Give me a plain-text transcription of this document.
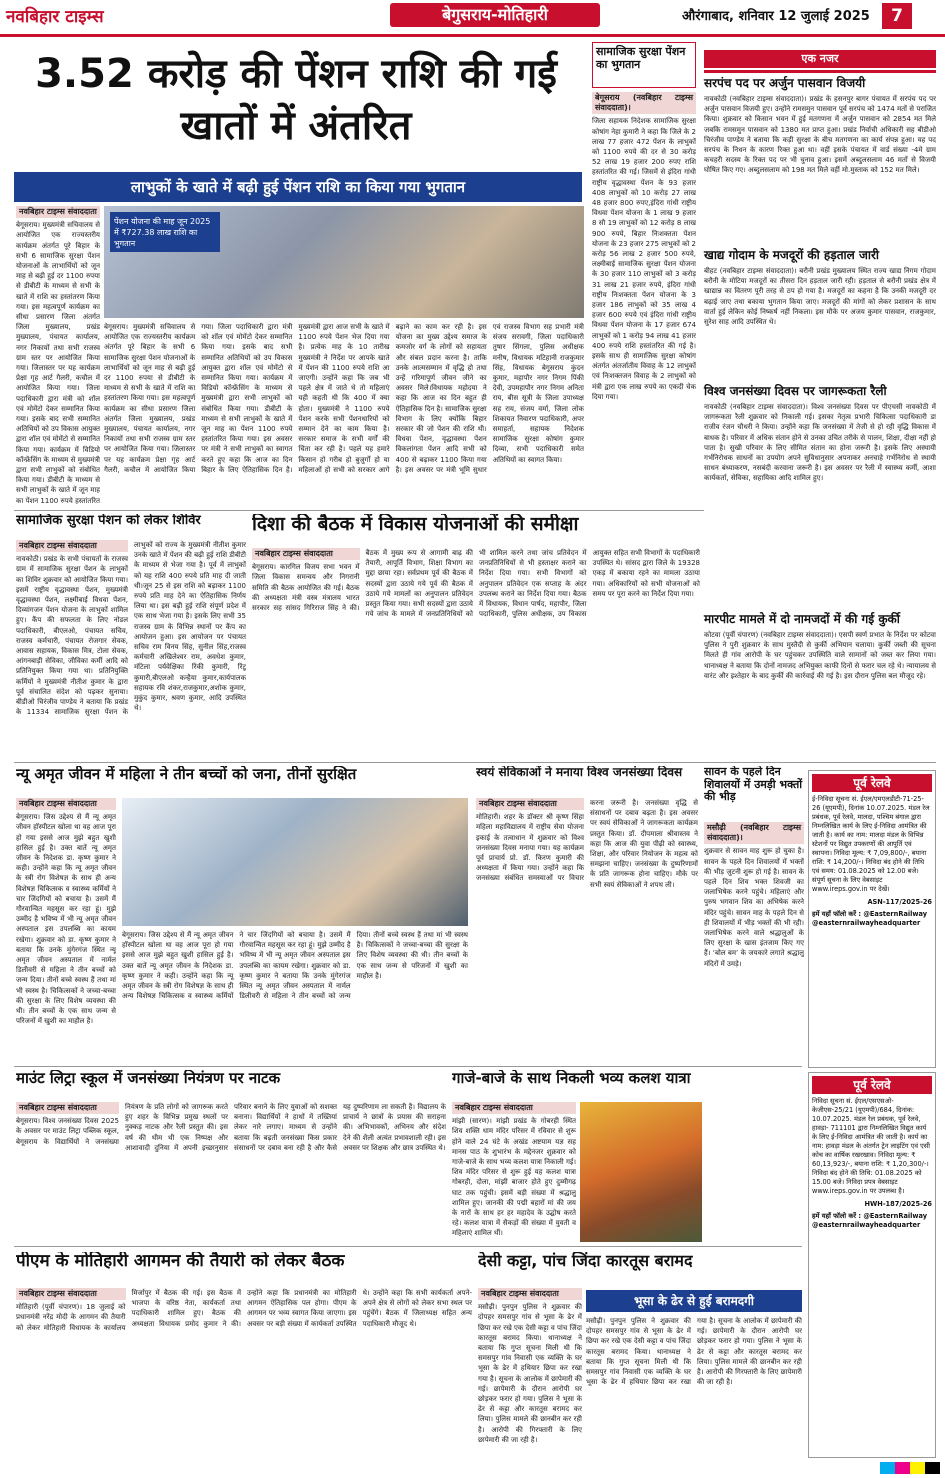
नवबिहार टाइम्स	बेगुसराय-मोतिहारी	औरंगाबाद, शनिवार 12 जुलाई 2025	7
3.52 करोड़ की पेंशन राशि की गई खातों में अंतरित
लाभुकों के खाते में बढ़ी हुई पेंशन राशि का किया गया भुगतान
पेंशन योजना की माह जून 2025 में ₹727.38 लाख राशि का भुगतान
नवबिहार टाइम्स संवाददाता
बेगूसराय। मुख्यमंत्री सचिवालय से आयोजित एक राज्यस्तरीय कार्यक्रम अंतर्गत पूरे बिहार के सभी 6 सामाजिक सुरक्षा पेंशन योजनाओं के लाभार्थियों को जून माह से बढ़ी हुई दर 1100 रुपया से डीबीटी के माध्यम से सभी के खाते में राशि का हस्तांतरण किया गया। इस महत्वपूर्ण कार्यक्रम का सीधा प्रसारण जिला अंतर्गत जिला मुख्यालय, प्रखंड मुख्यालय, पंचायत कार्यालय, नगर निकायों तथा सभी राजस्व ग्राम स्तर पर आयोजित किया गया। जिलास्तर पर यह कार्यक्रम प्रेक्षा गृह आर्ट गैलरी, कचौल में आयोजित किया गया। जिला पदाधिकारी द्वारा मंत्री को शॉल एवं मोमेंटो देकर सम्मानित किया गया। इसके बाद सभी सम्मानित अतिथियों को उप विकास आयुक्त द्वारा शॉल एवं मोमेंटो से सम्मानित किया गया। कार्यक्रम में विडियो कॉन्फ्रेंसिंग के माध्यम से मुख्यमंत्री द्वारा सभी लाभुकों को संबोधित किया गया। डीबीटी के माध्यम से सभी लाभुकों के खाते में जून माह का पेंशन 1100 रुपये हस्तांतरित
बेगूसराय। मुख्यमंत्री सचिवालय से आयोजित एक राज्यस्तरीय कार्यक्रम अंतर्गत पूरे बिहार के सभी 6 सामाजिक सुरक्षा पेंशन योजनाओं के लाभार्थियों को जून माह से बढ़ी हुई दर 1100 रुपया से डीबीटी के माध्यम से सभी के खाते में राशि का हस्तांतरण किया गया। इस महत्वपूर्ण कार्यक्रम का सीधा प्रसारण जिला अंतर्गत जिला मुख्यालय, प्रखंड मुख्यालय, पंचायत कार्यालय, नगर निकायों तथा सभी राजस्व ग्राम स्तर पर आयोजित किया गया। जिलास्तर पर यह कार्यक्रम प्रेक्षा गृह आर्ट गैलरी, कचौल में आयोजित किया गया। जिला पदाधिकारी द्वारा मंत्री को शॉल एवं मोमेंटो देकर सम्मानित किया गया। इसके बाद सभी सम्मानित अतिथियों को उप विकास आयुक्त द्वारा शॉल एवं मोमेंटो से सम्मानित किया गया। कार्यक्रम में विडियो कॉन्फ्रेंसिंग के माध्यम से मुख्यमंत्री द्वारा सभी लाभुकों को संबोधित किया गया। डीबीटी के माध्यम से सभी लाभुकों के खाते में जून माह का पेंशन 1100 रुपये हस्तांतरित किया गया। इस अवसर पर मंत्री ने सभी लाभुकों का स्वागत करते हुए कहा कि आज का दिन बिहार के लिए ऐतिहासिक दिन है। मुख्यमंत्री द्वारा आज सभी के खाते में 1100 रुपये पेंशन भेज दिया गया है। प्रत्येक माह के 10 तारीख मुख्यमंत्री ने निर्देश पर आपके खाते में पेंशन की 1100 रुपये राशि आ जाएगी। उन्होंने कहा कि जब भी पहले क्षेत्र में जाते थे तो महिलाएं यही कहती थी कि 400 में क्या होता। मुख्यमंत्री ने 1100 रुपये पेंशन करके सभी पेंशनधारियों को सम्मान देने का काम किया है। सरकार समाज के सभी वर्गों की चिंता कर रही है। पहले यह हमारे किसान हो गरीब हो बुजुर्गों हो या महिलाओं हो सभी को सरकार आगे बढ़ाने का काम कर रही है। इस योजना का मुख्य उद्देश्य समाज के कमजोर वर्ग के लोगों को सहायता और संबल प्रदान करना है। ताकि उनके आत्मसम्मान में वृद्धि हो तथा उन्हें गरिमापूर्ण जीवन जीने का अवसर मिले।विधायक महोदया ने कहा कि आज का दिन बहुत ही ऐतिहासिक दिन है। सामाजिक सुरक्षा विभाग के लिए क्योंकि बिहार सरकार की जो पेंशन की राशि थी। विधवा पेंशन, वृद्धावस्था पेंशन विकलांगता पेंशन आदि सभी को 400 से बढ़ाकर 1100 किया गया है। इस अवसर पर मंत्री भूमि सुधार एवं राजस्व विभाग सह प्रभारी मंत्री संजय सरावगी, जिला पदाधिकारी तुषार सिंगला, पुलिस अधीक्षक मनीष, विधायक मटिहानी राजकुमार सिंह, विधायक बेगूसराय कुंदन कुमार, महापौर नगर निगम पिंकी देवी, उपमहापौर नगर निगम अनिता राय, बीस सूत्री के जिला उपाध्यक्ष सह राय, संजय वर्मा, जिला लोक शिकायत निवारण पदाधिकारी, अपर समाहर्ता, सहायक निदेशक सामाजिक सुरक्षा कोषांग कुमार दिव्या, सभी पदाधिकारी समेत अतिथियों का स्वागत किया।
सामाजिक सुरक्षा पेंशन का भुगतान
बेगूसराय (नवबिहार टाइम्स संवाददाता)।
जिला सहायक निदेशक सामाजिक सुरक्षा कोषांग नेहा कुमारी ने कहा कि जिले के 2 लाख 77 हजार 472 पेंशन के लाभुकों को 1100 रुपये की दर से 30 करोड़ 52 लाख 19 हजार 200 रुपए राशि हस्तांतरित की गई। जिसमें से इंदिरा गांधी राष्ट्रीय वृद्धावस्था पेंशन के 93 हजार 408 लाभुकों को 10 करोड़ 27 लाख 48 हजार 800 रुपए,इंदिरा गांधी राष्ट्रीय विधवा पेंशन योजना के 1 लाख 9 हजार 8 सौ 19 लाभुकों को 12 करोड़ 8 लाख 900 रुपये, बिहार निःशक्तता पेंशन योजना के 23 हजार 275 लाभुकों को 2 करोड़ 56 लाख 2 हजार 500 रुपये, लक्ष्मीबाई सामाजिक सुरक्षा पेंशन योजना के 30 हजार 110 लाभुकों को 3 करोड़ 31 लाख 21 हजार रुपये, इंदिरा गांधी राष्ट्रीय निःशक्तता पेंशन योजना के 3 हजार 186 लाभुकों को 35 लाख 4 हजार 600 रुपये एवं इंदिरा गांधी राष्ट्रीय विधवा पेंशन योजना के 17 हजार 674 लाभुकों को 1 करोड़ 94 लाख 41 हजार 400 रुपये राशि हस्तांतरित की गई है। इसके साथ ही सामाजिक सुरक्षा कोषांग अंतर्गत अंतर्जातीय विवाह के 12 लाभुकों एवं निःशक्तजन विवाह के 2 लाभुकों को मंत्री द्वारा एक लाख रुपये का एकदी चेक दिया गया।
सामाजिक सुरक्षा पेंशन को लेकर शिविर
नवबिहार टाइम्स संवाददाता
नावकोठी। प्रखंड के सभी पंचायतों के राजस्व ग्राम में सामाजिक सुरक्षा पेंशन के लाभुकों का शिविर शुक्रवार को आयोजित किया गया। इसमें राष्ट्रीय वृद्धावस्था पेंशन, मुख्यमंत्री वृद्धावस्था पेंशन, लक्ष्मीबाई विधवा पेंशन, दिव्यांगजन पेंशन योजना के लाभुकों शामिल हुए। कैंप की सफलता के लिए नोडल पदाधिकारी, बीएलओ, पंचायत सचिव, राजस्व कर्मचारी, पंचायत रोजगार सेवक, आवास सहायक, विकास मित्र, टोला सेवक, आंगनबाड़ी सेविका, जीविका कर्मी आदि को प्रतिनियुक्त किया गया था। प्रतिनियुक्ति कर्मियों ने मुख्यमंत्री नीतीश कुमार के द्वारा पूर्व संचालित संदेश को पढ़कर सुनाया। बीडीओ चिरंजीव पाण्डेय ने बताया कि प्रखंड के 11334 सामाजिक सुरक्षा पेंशन के लाभुकों को राज्य के मुख्यमंत्री नीतीश कुमार उनके खाते में पेंशन की बढ़ी हुई राशि डीबीटी के माध्यम से भेजा गया है। पूर्व में लाभुकों को यह राशि 400 रुपये प्रति माह दी जाती थी।जून 25 से इस राशि को बढ़ाकर 1100 रुपये प्रति माह देने का ऐतिहासिक निर्णय लिया था। इस बढ़ी हुई राशि संपूर्ण प्रदेश में एक साथ भेजा गया है। इसके लिए सभी 35 राजस्व ग्राम के विभिन्न स्थानों पर कैंप का आयोजन हुआ। इस आयोजन पर पंचायत सचिव राम विनय सिंह, सुनील सिंह,राजस्व कर्मचारी अखिलेश्वर राम, अवधेश कुमार, मंटिला पर्यवेक्षिका रिंकी कुमारी, रिंटू कुमारी,बीएलओ कन्हैया कुमार,कार्यपालक सहायक रवि शंकर,राजकुमार,अशोक कुमार, मुकुंद कुमार, श्रवण कुमार, आदि उपस्थित थे।
दिशा की बैठक में विकास योजनाओं की समीक्षा
नवबिहार टाइम्स संवाददाता
बेगूसराय। कारगिल विजय सभा भवन में जिला विकास समन्वय और निगरानी समिति की बैठक आयोजित की गई। बैठक की अध्यक्षता मंत्री वस्त्र मंत्रालय भारत सरकार सह सांसद गिरिराज सिंह ने की। बैठक में मुख्य रूप से आगामी बाढ़ की तैयारी, आपूर्ति विभाग, शिक्षा विभाग का मुद्दा छाया रहा। सर्वप्रथम पूर्व की बैठक में सदस्यों द्वारा उठाये गये पूर्व की बैठक में उठाये गये मामलों का अनुपालन प्रतिवेदन प्रस्तुत किया गया। सभी सदस्यों द्वारा उठाये गये जांच के मामले में जनप्रतिनिधियों को भी शामिल करने तथा जांच प्रतिवेदन में जनप्रतिनिधियों से भी हस्ताक्षर कराने का निर्देश दिया गया। सभी विभागों को अनुपालन प्रतिवेदन एक सप्ताह के अंदर उपलब्ध कराने का निर्देश दिया गया। बैठक में विधायक, विधान पार्षद, महापौर, जिला पदाधिकारी, पुलिस अधीक्षक, उप विकास आयुक्त सहित सभी विभागों के पदाधिकारी उपस्थित थे। सांसद द्वारा जिले के 19328 एकड़ में बकाया रहने का मामला उठाया गया। अधिकारियों को सभी योजनाओं को समय पर पूरा करने का निर्देश दिया गया।
एक नजर
सरपंच पद पर अर्जुन पासवान विजयी
नावकोठी (नवबिहार टाइम्स संवाददाता)। प्रखंड के हसनपुर बागर पंचायत में सरपंच पद पर अर्जुन पासवान विजयी हुए। उन्होंने रामसमुन पासवान पूर्व सरपंच को 1474 मतों से पराजित किया। शुक्रवार को किसान भवन में हुई मतगणना में अर्जुन पासवान को 2854 मत मिले जबकि रामसमुन पासवान को 1380 मत प्राप्त हुआ। प्रखंड निर्वाची अधिकारी सह बीडीओ चिरंजीव पाण्डेय ने बताया कि कड़ी सुरक्षा के बीच मतगणना का कार्य संपन्न हुआ। यह पद सरपंच के निधन के कारण रिक्त हुआ था। वहीं इसके पंचायत में वार्ड संख्या -4मे ग्राम कचहरी सदस्य के रिक्त पद पर भी चुनाव हुआ। इसमें अब्दुलसलाम 46 मतों से विजयी घोषित किए गए। अब्दुलसलाम को 198 मत मिले वहीं मो.मुस्ताक को 152 मत मिले।
खाद्य गोदाम के मजदूरों की हड़ताल जारी
बीहट (नवबिहार टाइम्स संवाददाता)। बरौनी प्रखंड मुख्यालय स्थित राज्य खाद्य निगम गोदाम बरौनी के मोटिया मजदूरों का तीसरा दिन हड़ताल जारी रही। हड़ताल से बरौनी प्रखंड क्षेत्र में खाद्यान्न का वितरण पूरी तरह से ठप हो गया है। मजदूरों का कहना है कि उनकी मजदूरी दर बढ़ाई जाए तथा बकाया भुगतान किया जाए। मजदूरों की मांगों को लेकर प्रशासन के साथ वार्ता हुई लेकिन कोई निष्कर्ष नहीं निकला। इस मौके पर अजय कुमार पासवान, राजकुमार, सुरेश साह आदि उपस्थित थे।
विश्व जनसंख्या दिवस पर जागरूकता रैली
नावकोठी (नवबिहार टाइम्स संवाददाता)। विश्व जनसंख्या दिवस पर पीएचसी नावकोठी में जागरूकता रैली शुक्रवार को निकाली गई। इसका नेतृत्व प्रभारी चिकित्सा पदाधिकारी डा राजीव रंजन चौधरी ने किया। उन्होंने कहा कि जनसंख्या में तेजी से हो रही वृद्धि विकास में बाधक है। परिवार में अधिक संतान होने से उनका उचित तरीके से पालन, शिक्षा, दीक्षा नहीं हो पाता है। सुखी परिवार के लिए सीमित संतान का होना जरूरी है। इसके लिए अस्थायी गर्भनिरोधक साधनों का उपयोग अपने सुविधानुसार अपनाकर अनचाहे गर्भनिरोध से स्थायी साधन बंध्याकरण, नसबंदी करवाना जरूरी है। इस अवसर पर रैली में स्वास्थ्य कर्मी, आशा कार्यकर्ता, सेविका, सहायिका आदि शामिल हुए।
मारपीट मामले में दो नामजदों में की गई कुर्की
कोटवा (पूर्वी चंपारण) (नवबिहार टाइम्स संवाददाता)। एसपी स्वर्ण प्रभात के निर्देश पर कोटवा पुलिस ने पुरी शुक्रवार के साथ मुस्तैदी से कुर्की अभियान चलाया। कुर्की जब्ती की सूचना मिलते ही गांव आरोपी के घर पहुंचकर उपस्थिति वाले सामानों को जब्त कर लिया गया। थानाध्यक्ष ने बताया कि दोनों नामजद अभियुक्त काफी दिनों से फरार चल रहे थे। न्यायालय से वारंट और इश्तेहार के बाद कुर्की की कार्रवाई की गई है। इस दौरान पुलिस बल मौजूद रहे।
न्यू अमृत जीवन में महिला ने तीन बच्चों को जना, तीनों सुरक्षित
नवबिहार टाइम्स संवाददाता
बेगूसराय। जिस उद्देश्य से मैं न्यू अमृत जीवन हॉस्पीटल खोला था वह आज पूरा हो गया इससे आज मुझे बहुत खुशी हासिल हुई है। उक्त बातें न्यू अमृत जीवन के निदेशक डा. कृष्ण कुमार ने कही। उन्होंने कहा कि न्यू अमृत जीवन के स्त्री रोग विशेषज्ञ के साथ ही अन्य विशेषज्ञ चिकित्सक व स्वास्थ्य कर्मियों ने चार जिंदगियों को बचाया है। उसमें मैं गौरवान्वित महसूस कर रहा हूं। मुझे उम्मीद है भविष्य में भी न्यू अमृत जीवन अस्पताल इस उपलब्धि का कायम रखेगा। शुक्रवार को डा. कृष्ण कुमार ने बताया कि उनके मुंगेरगंज स्थित न्यू अमृत जीवन अस्पताल में नार्मल डिलीवरी से महिला ने तीन बच्चों को जन्म दिया। तीनों बच्चे स्वस्थ हैं तथा मां भी स्वस्थ है। चिकित्सकों ने जच्चा-बच्चा की सुरक्षा के लिए विशेष व्यवस्था की थी। तीन बच्चों के एक साथ जन्म से परिजनों में खुशी का माहौल है।
बेगूसराय। जिस उद्देश्य से मैं न्यू अमृत जीवन हॉस्पीटल खोला था वह आज पूरा हो गया इससे आज मुझे बहुत खुशी हासिल हुई है। उक्त बातें न्यू अमृत जीवन के निदेशक डा. कृष्ण कुमार ने कही। उन्होंने कहा कि न्यू अमृत जीवन के स्त्री रोग विशेषज्ञ के साथ ही अन्य विशेषज्ञ चिकित्सक व स्वास्थ्य कर्मियों ने चार जिंदगियों को बचाया है। उसमें मैं गौरवान्वित महसूस कर रहा हूं। मुझे उम्मीद है भविष्य में भी न्यू अमृत जीवन अस्पताल इस उपलब्धि का कायम रखेगा। शुक्रवार को डा. कृष्ण कुमार ने बताया कि उनके मुंगेरगंज स्थित न्यू अमृत जीवन अस्पताल में नार्मल डिलीवरी से महिला ने तीन बच्चों को जन्म दिया। तीनों बच्चे स्वस्थ हैं तथा मां भी स्वस्थ है। चिकित्सकों ने जच्चा-बच्चा की सुरक्षा के लिए विशेष व्यवस्था की थी। तीन बच्चों के एक साथ जन्म से परिजनों में खुशी का माहौल है।
स्वयं सेविकाओं ने मनाया विश्व जनसंख्या दिवस
नवबिहार टाइम्स संवाददाता
मोतिहारी। शहर के डॉक्टर श्री कृष्ण सिंहा महिला महाविद्यालय में राष्ट्रीय सेवा योजना इकाई के तत्वाधान में शुक्रवार को विश्व जनसंख्या दिवस मनाया गया। यह कार्यक्रम पूर्व प्राचार्य प्रो. डॉ. किरण कुमारी की अध्यक्षता में किया गया। उन्होंने कहा कि जनसंख्या संबंधित समस्याओं पर विचार करना जरूरी है। जनसंख्या वृद्धि से संसाधनों पर दबाव बढ़ता है। इस अवसर पर स्वयं सेविकाओं ने जागरूकता कार्यक्रम प्रस्तुत किया। डॉ. दीपमाला श्रीवास्तव ने कहा कि आज की युवा पीढ़ी को स्वास्थ्य, शिक्षा, और परिवार नियोजन के महत्व को समझना चाहिए। जनसंख्या के दुष्परिणामों के प्रति जागरूक होना चाहिए। मौके पर सभी स्वयं सेविकाओं ने शपथ ली।
सावन के पहले दिन शिवालयों में उमड़ी भक्तों की भीड़
मसौढ़ी (नवबिहार टाइम्स संवाददाता)।
शुक्रवार से सावन माह शुरू हो चुका है। सावन के पहले दिन शिवालयों में भक्तों की भीड़ जुटनी शुरू हो गई है। सावन के पहले दिन शिव भक्त शिवजी का जलाभिषेक करने पहुंचे। महिलाएं और पुरुष भगवान शिव का अभिषेक करने मंदिर पहुंचे। सावन माह के पहले दिन से ही शिवालयों में भीड़ भक्तों की भी रही। जलाभिषेक करने वाले श्रद्धालुओं के लिए सुरक्षा के खास इंतजाम किए गए हैं। ‘बोल बम’ के जयकारे लगाते श्रद्धालु मंदिरों में उमड़े।
पूर्व रेलवे
ई-निविदा सूचना सं. ईएल/एमएलडीटी-71-25-26 (यूएमपी), दिनांक 10.07.2025. मंडल रेल प्रबंधक, पूर्व रेलवे, मालदा, पश्चिम बंगाल द्वारा निम्नलिखित कार्य के लिए ई-निविदा आमंत्रित की जाती है। कार्य का नाम: मालदा मंडल के विभिन्न स्टेशनों पर विद्युत उपकरणों की आपूर्ति एवं स्थापना। निविदा मूल्य: ₹ 7,09,800/-, बयाना राशि: ₹ 14,200/-। निविदा बंद होने की तिथि एवं समय: 01.08.2025 को 12.00 बजे। संपूर्ण सूचना के लिए वेबसाइट www.ireps.gov.in पर देखें।
ASN-117/2025-26
हमें यहाँ फॉलो करें : @EasternRailway @easternrailwayheadquarter
पूर्व रेलवे
निविदा सूचना सं. ईएल/एसएसओ-केजीएस-25/21 (यूएमपी)/684, दिनांक: 10.07.2025. मंडल रेल प्रबंधक, पूर्व रेलवे, हावड़ा- 711101 द्वारा निम्नलिखित विद्युत कार्य के लिए ई-निविदा आमंत्रित की जाती है। कार्य का नाम: हावड़ा मंडल के अंतर्गत ट्रेन लाइटिंग एवं एसी कोच का वार्षिक रखरखाव। निविदा मूल्य: ₹ 60,13,923/-, बयाना राशि: ₹ 1,20,300/-। निविदा बंद होने की तिथि: 01.08.2025 को 15.00 बजे। निविदा प्रपत्र वेबसाइट www.ireps.gov.in पर उपलब्ध है।
HWH-187/2025-26
हमें यहाँ फॉलो करें : @EasternRailway @easternrailwayheadquarter
माउंट लिट्रा स्कूल में जनसंख्या नियंत्रण पर नाटक
नवबिहार टाइम्स संवाददाता
बेगूसराय। विश्व जनसंख्या दिवस 2025 के अवसर पर माउंट लिट्रा पब्लिक स्कूल, बेगूसराय के विद्यार्थियों ने जनसंख्या नियंत्रण के प्रति लोगों को जागरूक करते हुए शहर के विभिन्न प्रमुख स्थलों पर नुक्कड़ नाटक और रैली प्रस्तुत की। इस वर्ष की थीम थी एक निष्पक्ष और आशावादी दुनिया में अपनी इच्छानुसार परिवार बनाने के लिए युवाओं को सशक्त बनाना। विद्यार्थियों ने हाथों में तख्तियां लेकर नारे लगाए। माध्यम से उन्होंने बताया कि बढ़ती जनसंख्या किस प्रकार संसाधनों पर दबाव बना रही है और कैसे यह दुष्परिणाम ला सकती है। विद्यालय के प्राचार्य ने छात्रों के प्रयास की सराहना की। अभिभावकों, अभिनय और संदेश देने की शैली अत्यंत प्रभावशाली रही। इस अवसर पर शिक्षक और छात्र उपस्थित थे।
गाजे-बाजे के साथ निकली भव्य कलश यात्रा
नवबिहार टाइम्स संवाददाता
मांझी (सारण)। मांझी प्रखंड के गोबरही स्थित शिव शक्ति धाम मंदिर परिसर में रविवार से शुरू होने वाले 24 घंटे के अखंड अष्टयाम यज्ञ सह मानस पाठ के शुभारंभ के मद्देनजर शुक्रवार को गाजे-बाजे के साथ भव्य कलश यात्रा निकाली गई। शिव मंदिर परिसर से शुरू हुई यह कलश यात्रा गोबरही, दोला, मांझी बाजार होते हुए दुम्मीगढ़ घाट तक पहुंची। इसमें बड़ी संख्या में श्रद्धालु शामिल हुए। जानकी की पद्मी बहारों मां की जय के नारों के साथ हर हर महादेव के उद्घोष करते रहे। कलश यात्रा में सैकड़ों की संख्या में युवती व महिलाएं शामिल थीं।
पीएम के मोतिहारी आगमन की तैयारी को लेकर बैठक
नवबिहार टाइम्स संवाददाता
मोतिहारी (पूर्वी चंपारण)। 18 जुलाई को प्रधानमंत्री नरेंद्र मोदी के आगमन की तैयारी को लेकर मोतिहारी विधायक के कार्यालय मिर्जापुर में बैठक की गई। इस बैठक में भाजपा के वरिष्ठ नेता, कार्यकर्ता तथा पदाधिकारी शामिल हुए। बैठक की अध्यक्षता विधायक प्रमोद कुमार ने की। उन्होंने कहा कि प्रधानमंत्री का मोतिहारी आगमन ऐतिहासिक पल होगा। पीएम के आगमन पर भव्य स्वागत किया जाएगा। इस अवसर पर बड़ी संख्या में कार्यकर्ता उपस्थित थे। उन्होंने कहा कि सभी कार्यकर्ता अपने-अपने क्षेत्र से लोगों को लेकर सभा स्थल पर पहुंचेंगे। बैठक में जिलाध्यक्ष सहित अन्य पदाधिकारी मौजूद थे।
देसी कट्टा, पांच जिंदा कारतूस बरामद
भूसा के ढेर से हुई बरामदगी
नवबिहार टाइम्स संवाददाता
मसौढ़ी। पुनपुन पुलिस ने शुक्रवार की दोपहर समसपुर गांव से भूसा के ढेर में छिपा कर रखे एक देसी कट्टा व पांच जिंदा कारतूस बरामद किया। थानाध्यक्ष ने बताया कि गुप्त सूचना मिली थी कि समसपुर गांव निवासी एक व्यक्ति के घर भूसा के ढेर में हथियार छिपा कर रखा गया है। सूचना के आलोक में छापेमारी की गई। छापेमारी के दौरान आरोपी घर छोड़कर फरार हो गया। पुलिस ने भूसा के ढेर से कट्टा और कारतूस बरामद कर लिया। पुलिस मामले की छानबीन कर रही है। आरोपी की गिरफ्तारी के लिए छापेमारी की जा रही है।
मसौढ़ी। पुनपुन पुलिस ने शुक्रवार की दोपहर समसपुर गांव से भूसा के ढेर में छिपा कर रखे एक देसी कट्टा व पांच जिंदा कारतूस बरामद किया। थानाध्यक्ष ने बताया कि गुप्त सूचना मिली थी कि समसपुर गांव निवासी एक व्यक्ति के घर भूसा के ढेर में हथियार छिपा कर रखा गया है। सूचना के आलोक में छापेमारी की गई। छापेमारी के दौरान आरोपी घर छोड़कर फरार हो गया। पुलिस ने भूसा के ढेर से कट्टा और कारतूस बरामद कर लिया। पुलिस मामले की छानबीन कर रही है। आरोपी की गिरफ्तारी के लिए छापेमारी की जा रही है।
